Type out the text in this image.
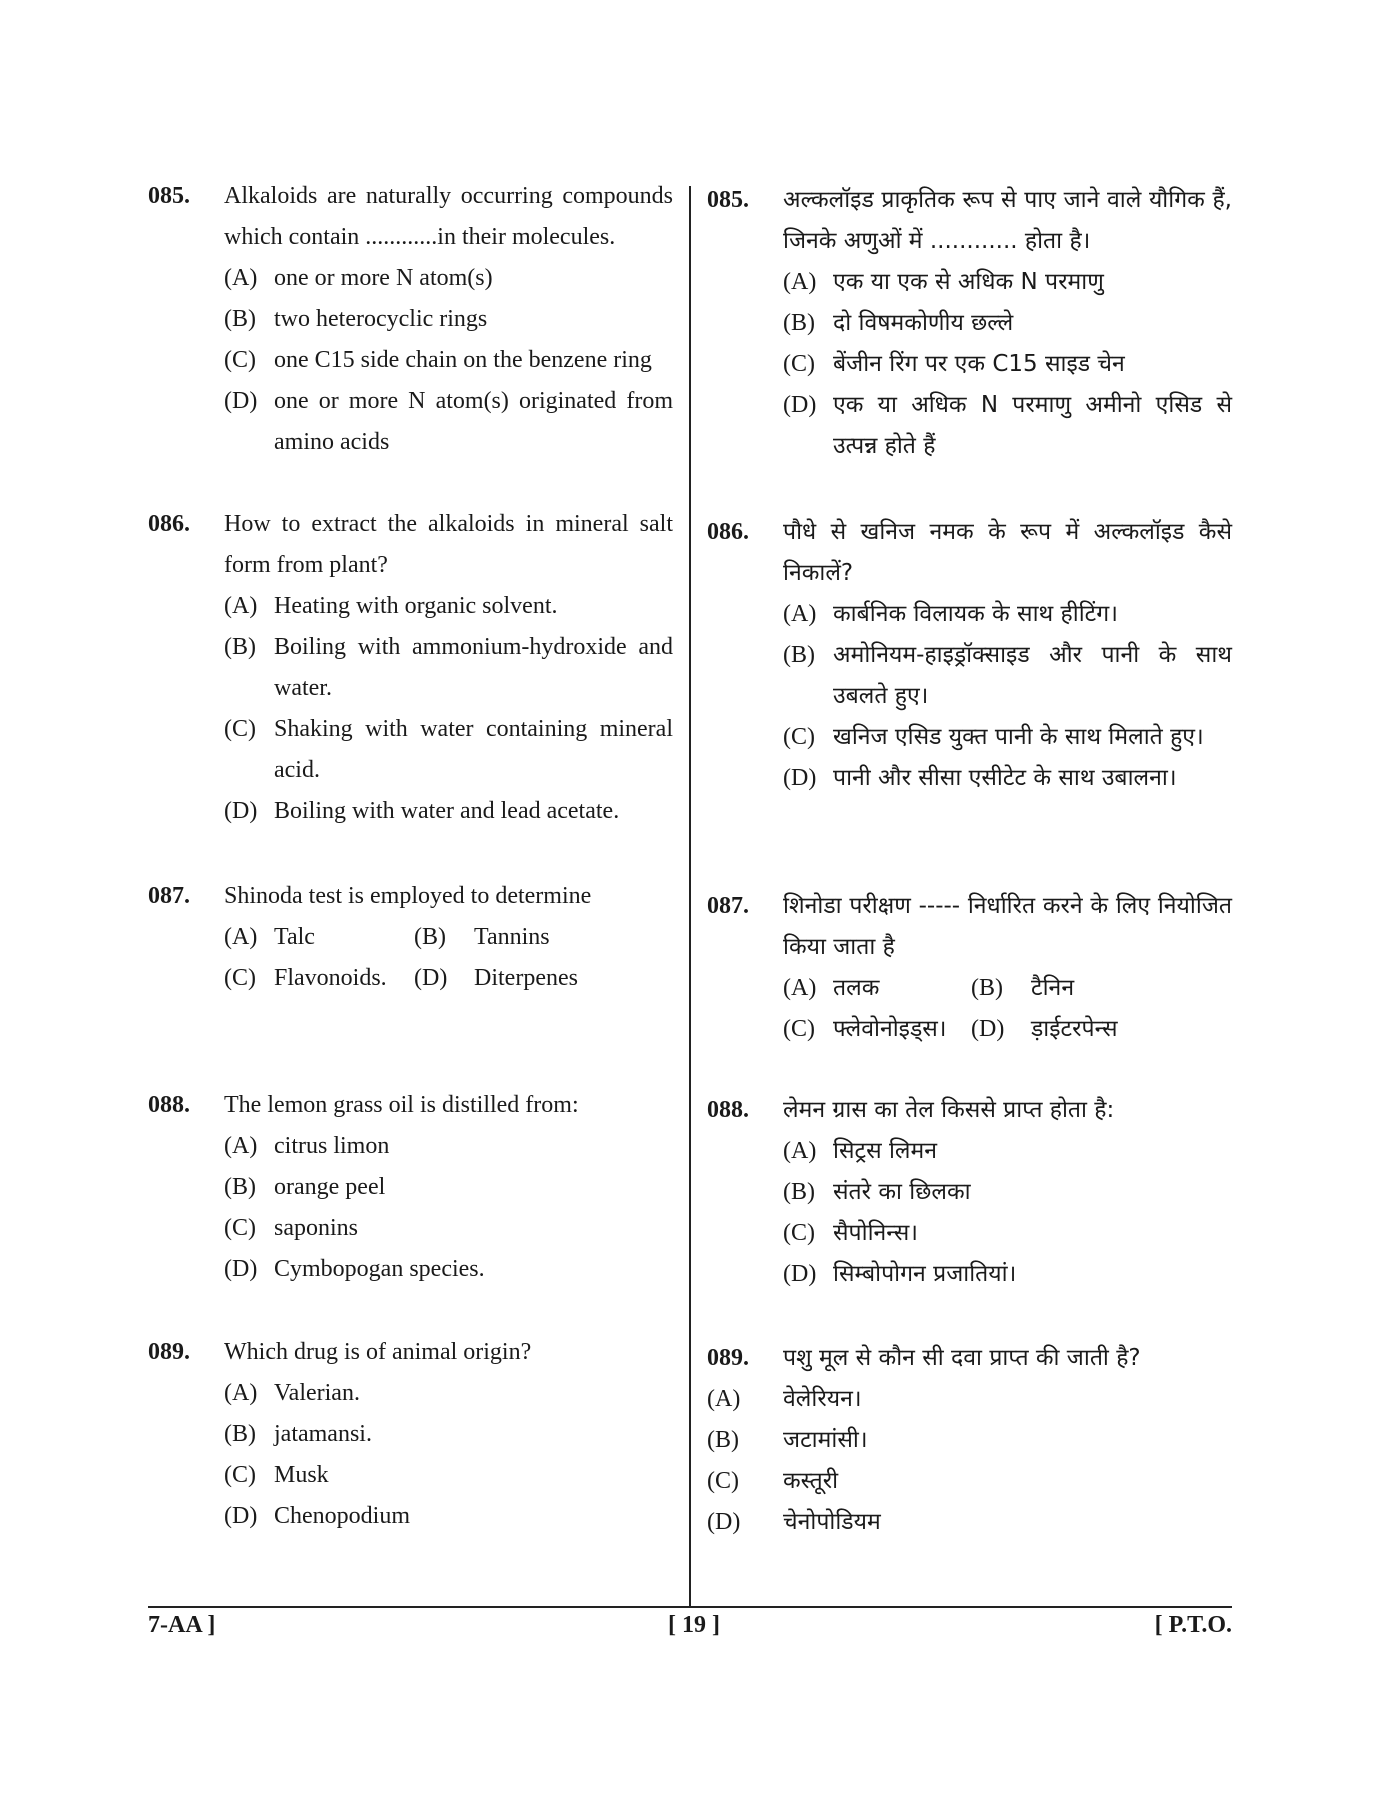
085.	Alkaloids are naturally occurring compounds which contain ............in their molecules.
(A) one or more N atom(s)
(B) two heterocyclic rings
(C) one C15 side chain on the benzene ring
(D) one or more N atom(s) originated from amino acids
086.	How to extract the alkaloids in mineral salt form from plant?
(A) Heating with organic solvent.
(B) Boiling with ammonium-hydroxide and water.
(C) Shaking with water containing mineral acid.
(D) Boiling with water and lead acetate.
087.	Shinoda test is employed to determine
(A) Talc	(B)	Tannins
(C) Flavonoids.	(D)	Diterpenes
088.	The lemon grass oil is distilled from:
(A) citrus limon
(B) orange peel
(C) saponins
(D) Cymbopogan species.
089.	Which drug is of animal origin?
(A) Valerian.
(B) jatamansi.
(C) Musk
(D) Chenopodium
085.	अल्कलॉइड प्राकृतिक रूप से पाए जाने वाले यौगिक हैं, जिनके अणुओं में ............ होता है।
(A) एक या एक से अधिक N परमाणु
(B) दो विषमकोणीय छल्ले
(C) बेंजीन रिंग पर एक C15 साइड चेन
(D) एक या अधिक N परमाणु अमीनो एसिड से उत्पन्न होते हैं
086.	पौधे से खनिज नमक के रूप में अल्कलॉइड कैसे निकालें?
(A) कार्बनिक विलायक के साथ हीटिंग।
(B) अमोनियम-हाइड्रॉक्साइड और पानी के साथ उबलते हुए।
(C) खनिज एसिड युक्त पानी के साथ मिलाते हुए।
(D) पानी और सीसा एसीटेट के साथ उबालना।
087.	शिनोडा परीक्षण ----- निर्धारित करने के लिए नियोजित किया जाता है
(A) तलक	(B)	टैनिन
(C) फ्लेवोनोइड्स।	(D)	ड़ाईटरपेन्स
088.	लेमन ग्रास का तेल किससे प्राप्त होता है:
(A) सिट्रस लिमन
(B) संतरे का छिलका
(C) सैपोनिन्स।
(D) सिम्बोपोगन प्रजातियां।
089.	पशु मूल से कौन सी दवा प्राप्त की जाती है?
(A)	वेलेरियन।
(B)	जटामांसी।
(C)	कस्तूरी
(D)	चेनोपोडियम
7-AA ]	[ 19 ]	[ P.T.O.
